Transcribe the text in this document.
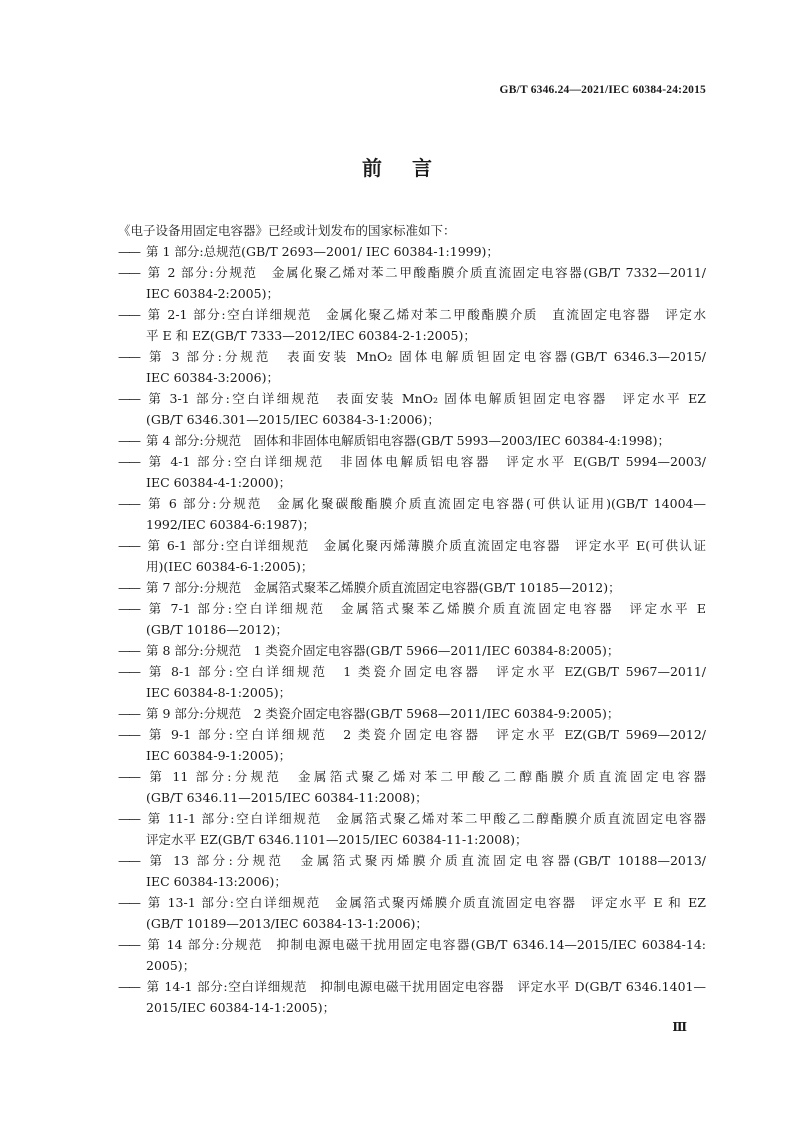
GB/T 6346.24—2021/IEC 60384-24:2015
前言
《电子设备用固定电容器》已经或计划发布的国家标准如下：
——第 1 部分:总规范(GB/T 2693—2001/ IEC 60384-1:1999)；
——第 2 部分:分规范　金属化聚乙烯对苯二甲酸酯膜介质直流固定电容器(GB/T 7332—2011/
IEC 60384-2:2005)；
——第 2-1 部分:空白详细规范　金属化聚乙烯对苯二甲酸酯膜介质　直流固定电容器　评定水
平 E 和 EZ(GB/T 7333—2012/IEC 60384-2-1:2005)；
——第 3 部分:分规范　表面安装 MnO₂ 固体电解质钽固定电容器(GB/T 6346.3—2015/
IEC 60384-3:2006)；
——第 3-1 部分:空白详细规范　表面安装 MnO₂ 固体电解质钽固定电容器　评定水平 EZ
(GB/T 6346.301—2015/IEC 60384-3-1:2006)；
——第 4 部分:分规范　固体和非固体电解质铝电容器(GB/T 5993—2003/IEC 60384-4:1998)；
——第 4-1 部分:空白详细规范　非固体电解质铝电容器　评定水平 E(GB/T 5994—2003/
IEC 60384-4-1:2000)；
——第 6 部分:分规范　金属化聚碳酸酯膜介质直流固定电容器(可供认证用)(GB/T 14004—
1992/IEC 60384-6:1987)；
——第 6-1 部分:空白详细规范　金属化聚丙烯薄膜介质直流固定电容器　评定水平 E(可供认证
用)(IEC 60384-6-1:2005)；
——第 7 部分:分规范　金属箔式聚苯乙烯膜介质直流固定电容器(GB/T 10185—2012)；
——第 7-1 部分:空白详细规范　金属箔式聚苯乙烯膜介质直流固定电容器　评定水平 E
(GB/T 10186—2012)；
——第 8 部分:分规范　1 类瓷介固定电容器(GB/T 5966—2011/IEC 60384-8:2005)；
——第 8-1 部分:空白详细规范　1 类瓷介固定电容器　评定水平 EZ(GB/T 5967—2011/
IEC 60384-8-1:2005)；
——第 9 部分:分规范　2 类瓷介固定电容器(GB/T 5968—2011/IEC 60384-9:2005)；
——第 9-1 部分:空白详细规范　2 类瓷介固定电容器　评定水平 EZ(GB/T 5969—2012/
IEC 60384-9-1:2005)；
——第 11 部分:分规范　金属箔式聚乙烯对苯二甲酸乙二醇酯膜介质直流固定电容器
(GB/T 6346.11—2015/IEC 60384-11:2008)；
——第 11-1 部分:空白详细规范　金属箔式聚乙烯对苯二甲酸乙二醇酯膜介质直流固定电容器
评定水平 EZ(GB/T 6346.1101—2015/IEC 60384-11-1:2008)；
——第 13 部分:分规范　金属箔式聚丙烯膜介质直流固定电容器(GB/T 10188—2013/
IEC 60384-13:2006)；
——第 13-1 部分:空白详细规范　金属箔式聚丙烯膜介质直流固定电容器　评定水平 E 和 EZ
(GB/T 10189—2013/IEC 60384-13-1:2006)；
——第 14 部分:分规范　抑制电源电磁干扰用固定电容器(GB/T 6346.14—2015/IEC 60384-14:
2005)；
——第 14-1 部分:空白详细规范　抑制电源电磁干扰用固定电容器　评定水平 D(GB/T 6346.1401—
2015/IEC 60384-14-1:2005)；
Ⅲ
